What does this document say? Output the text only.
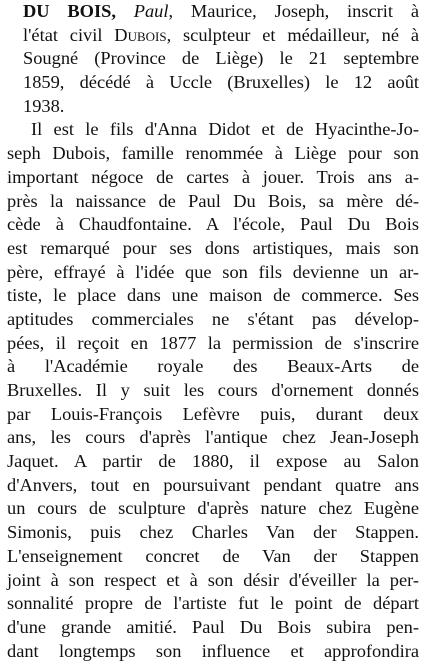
DU BOIS, Paul, Maurice, Joseph, inscrit à
l'état civil Dubois, sculpteur et médailleur, né à
Sougné (Province de Liège) le 21 septembre
1859, décédé à Uccle (Bruxelles) le 12 août
1938.
Il est le fils d'Anna Didot et de Hyacinthe-Jo-
seph Dubois, famille renommée à Liège pour son
important négoce de cartes à jouer. Trois ans a-
près la naissance de Paul Du Bois, sa mère dé-
cède à Chaudfontaine. A l'école, Paul Du Bois
est remarqué pour ses dons artistiques, mais son
père, effrayé à l'idée que son fils devienne un ar-
tiste, le place dans une maison de commerce. Ses
aptitudes commerciales ne s'étant pas dévelop-
pées, il reçoit en 1877 la permission de s'inscrire
à l'Académie royale des Beaux-Arts de
Bruxelles. Il y suit les cours d'ornement donnés
par Louis-François Lefèvre puis, durant deux
ans, les cours d'après l'antique chez Jean-Joseph
Jaquet. A partir de 1880, il expose au Salon
d'Anvers, tout en poursuivant pendant quatre ans
un cours de sculpture d'après nature chez Eugène
Simonis, puis chez Charles Van der Stappen.
L'enseignement concret de Van der Stappen
joint à son respect et à son désir d'éveiller la per-
sonnalité propre de l'artiste fut le point de départ
d'une grande amitié. Paul Du Bois subira pen-
dant longtemps son influence et approfondira
